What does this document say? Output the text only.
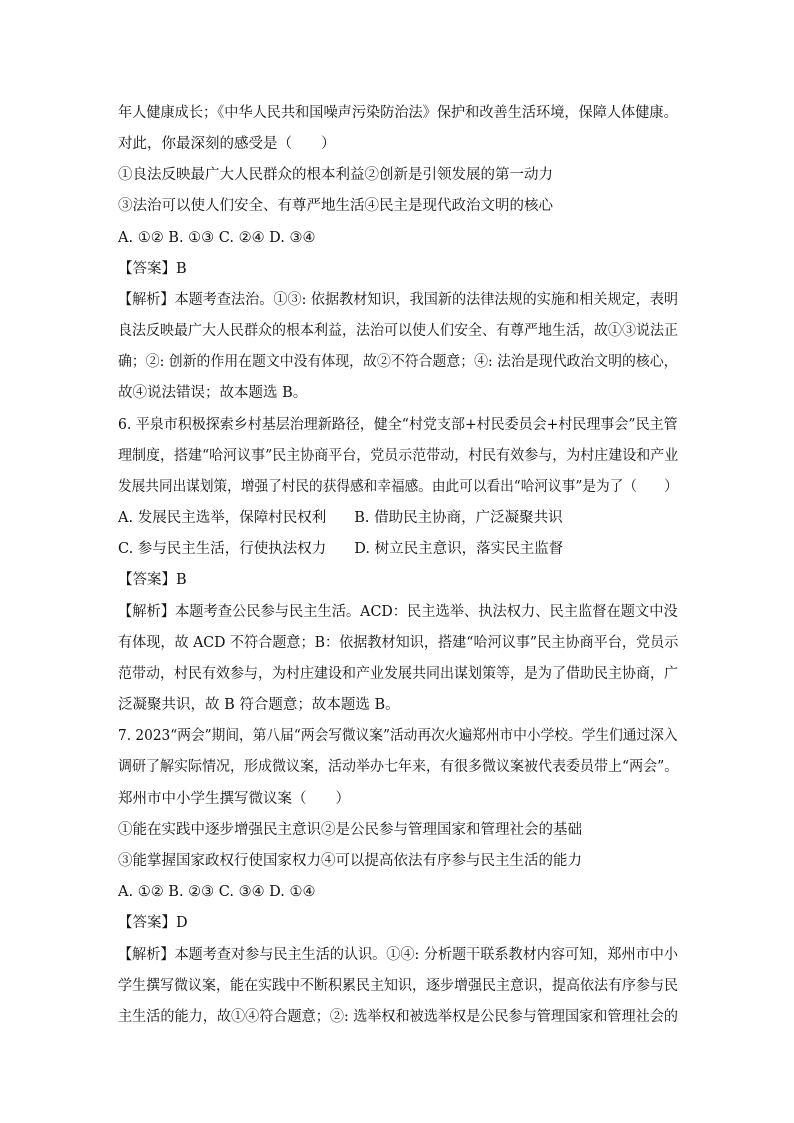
年人健康成长；《中华人民共和国噪声污染防治法》保护和改善生活环境，保障人体健康。
对此，你最深刻的感受是（　　）
①良法反映最广大人民群众的根本利益②创新是引领发展的第一动力
③法治可以使人们安全、有尊严地生活④民主是现代政治文明的核心
A. ①② B. ①③ C. ②④ D. ③④
【答案】B
【解析】本题考查法治。①③: 依据教材知识，我国新的法律法规的实施和相关规定，表明
良法反映最广大人民群众的根本利益，法治可以使人们安全、有尊严地生活，故①③说法正
确；②: 创新的作用在题文中没有体现，故②不符合题意；④: 法治是现代政治文明的核心，
故④说法错误；故本题选 B。
6. 平泉市积极探索乡村基层治理新路径，健全“村党支部+村民委员会+村民理事会”民主管
理制度，搭建“哈河议事”民主协商平台，党员示范带动，村民有效参与，为村庄建设和产业
发展共同出谋划策，增强了村民的获得感和幸福感。由此可以看出“哈河议事”是为了（　　）
A. 发展民主选举，保障村民权利 B. 借助民主协商，广泛凝聚共识
C. 参与民主生活，行使执法权力 D. 树立民主意识，落实民主监督
【答案】B
【解析】本题考查公民参与民主生活。ACD：民主选举、执法权力、民主监督在题文中没
有体现，故 ACD 不符合题意；B：依据教材知识，搭建“哈河议事”民主协商平台，党员示
范带动，村民有效参与，为村庄建设和产业发展共同出谋划策等，是为了借助民主协商，广
泛凝聚共识，故 B 符合题意；故本题选 B。
7. 2023“两会”期间，第八届“两会写微议案”活动再次火遍郑州市中小学校。学生们通过深入
调研了解实际情况，形成微议案，活动举办七年来，有很多微议案被代表委员带上“两会”。
郑州市中小学生撰写微议案（　　）
①能在实践中逐步增强民主意识②是公民参与管理国家和管理社会的基础
③能掌握国家政权行使国家权力④可以提高依法有序参与民主生活的能力
A. ①② B. ②③ C. ③④ D. ①④
【答案】D
【解析】本题考查对参与民主生活的认识。①④: 分析题干联系教材内容可知，郑州市中小
学生撰写微议案，能在实践中不断积累民主知识，逐步增强民主意识，提高依法有序参与民
主生活的能力，故①④符合题意；②: 选举权和被选举权是公民参与管理国家和管理社会的
